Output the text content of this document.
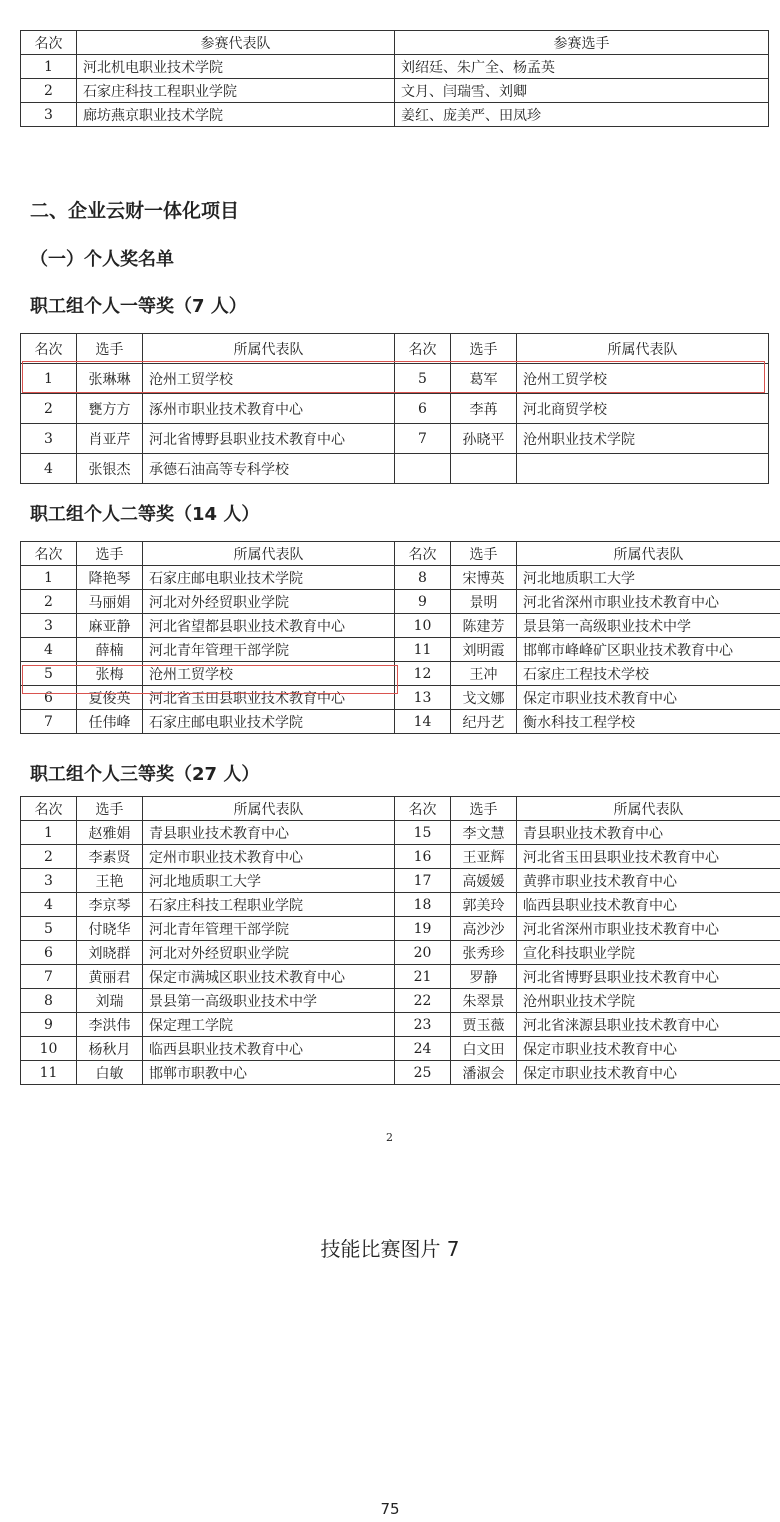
名次	参赛代表队	参赛选手
1	河北机电职业技术学院	刘绍廷、朱广全、杨孟英
2	石家庄科技工程职业学院	文月、闫瑞雪、刘卿
3	廊坊燕京职业技术学院	姜红、庞美严、田凤珍
二、企业云财一体化项目
（一）个人奖名单
职工组个人一等奖（7 人）
名次	选手	所属代表队	名次	选手	所属代表队
1	张琳琳	沧州工贸学校	5	葛军	沧州工贸学校
2	甕方方	涿州市职业技术教育中心	6	李苒	河北商贸学校
3	肖亚芹	河北省博野县职业技术教育中心	7	孙晓平	沧州职业技术学院
4	张银杰	承德石油高等专科学校			
职工组个人二等奖（14 人）
名次	选手	所属代表队	名次	选手	所属代表队
1	降艳琴	石家庄邮电职业技术学院	8	宋博英	河北地质职工大学
2	马丽娟	河北对外经贸职业学院	9	景明	河北省深州市职业技术教育中心
3	麻亚静	河北省望都县职业技术教育中心	10	陈建芳	景县第一高级职业技术中学
4	薛楠	河北青年管理干部学院	11	刘明霞	邯郸市峰峰矿区职业技术教育中心
5	张梅	沧州工贸学校	12	王冲	石家庄工程技术学校
6	夏俊英	河北省玉田县职业技术教育中心	13	戈文娜	保定市职业技术教育中心
7	任伟峰	石家庄邮电职业技术学院	14	纪丹艺	衡水科技工程学校
职工组个人三等奖（27 人）
名次	选手	所属代表队	名次	选手	所属代表队
1	赵雅娟	青县职业技术教育中心	15	李文慧	青县职业技术教育中心
2	李素贤	定州市职业技术教育中心	16	王亚辉	河北省玉田县职业技术教育中心
3	王艳	河北地质职工大学	17	高媛媛	黄骅市职业技术教育中心
4	李京琴	石家庄科技工程职业学院	18	郭美玲	临西县职业技术教育中心
5	付晓华	河北青年管理干部学院	19	高沙沙	河北省深州市职业技术教育中心
6	刘晓群	河北对外经贸职业学院	20	张秀珍	宣化科技职业学院
7	黄丽君	保定市满城区职业技术教育中心	21	罗静	河北省博野县职业技术教育中心
8	刘瑞	景县第一高级职业技术中学	22	朱翠景	沧州职业技术学院
9	李洪伟	保定理工学院	23	贾玉薇	河北省涞源县职业技术教育中心
10	杨秋月	临西县职业技术教育中心	24	白文田	保定市职业技术教育中心
11	白敏	邯郸市职教中心	25	潘淑会	保定市职业技术教育中心
2
技能比赛图片 7
75
